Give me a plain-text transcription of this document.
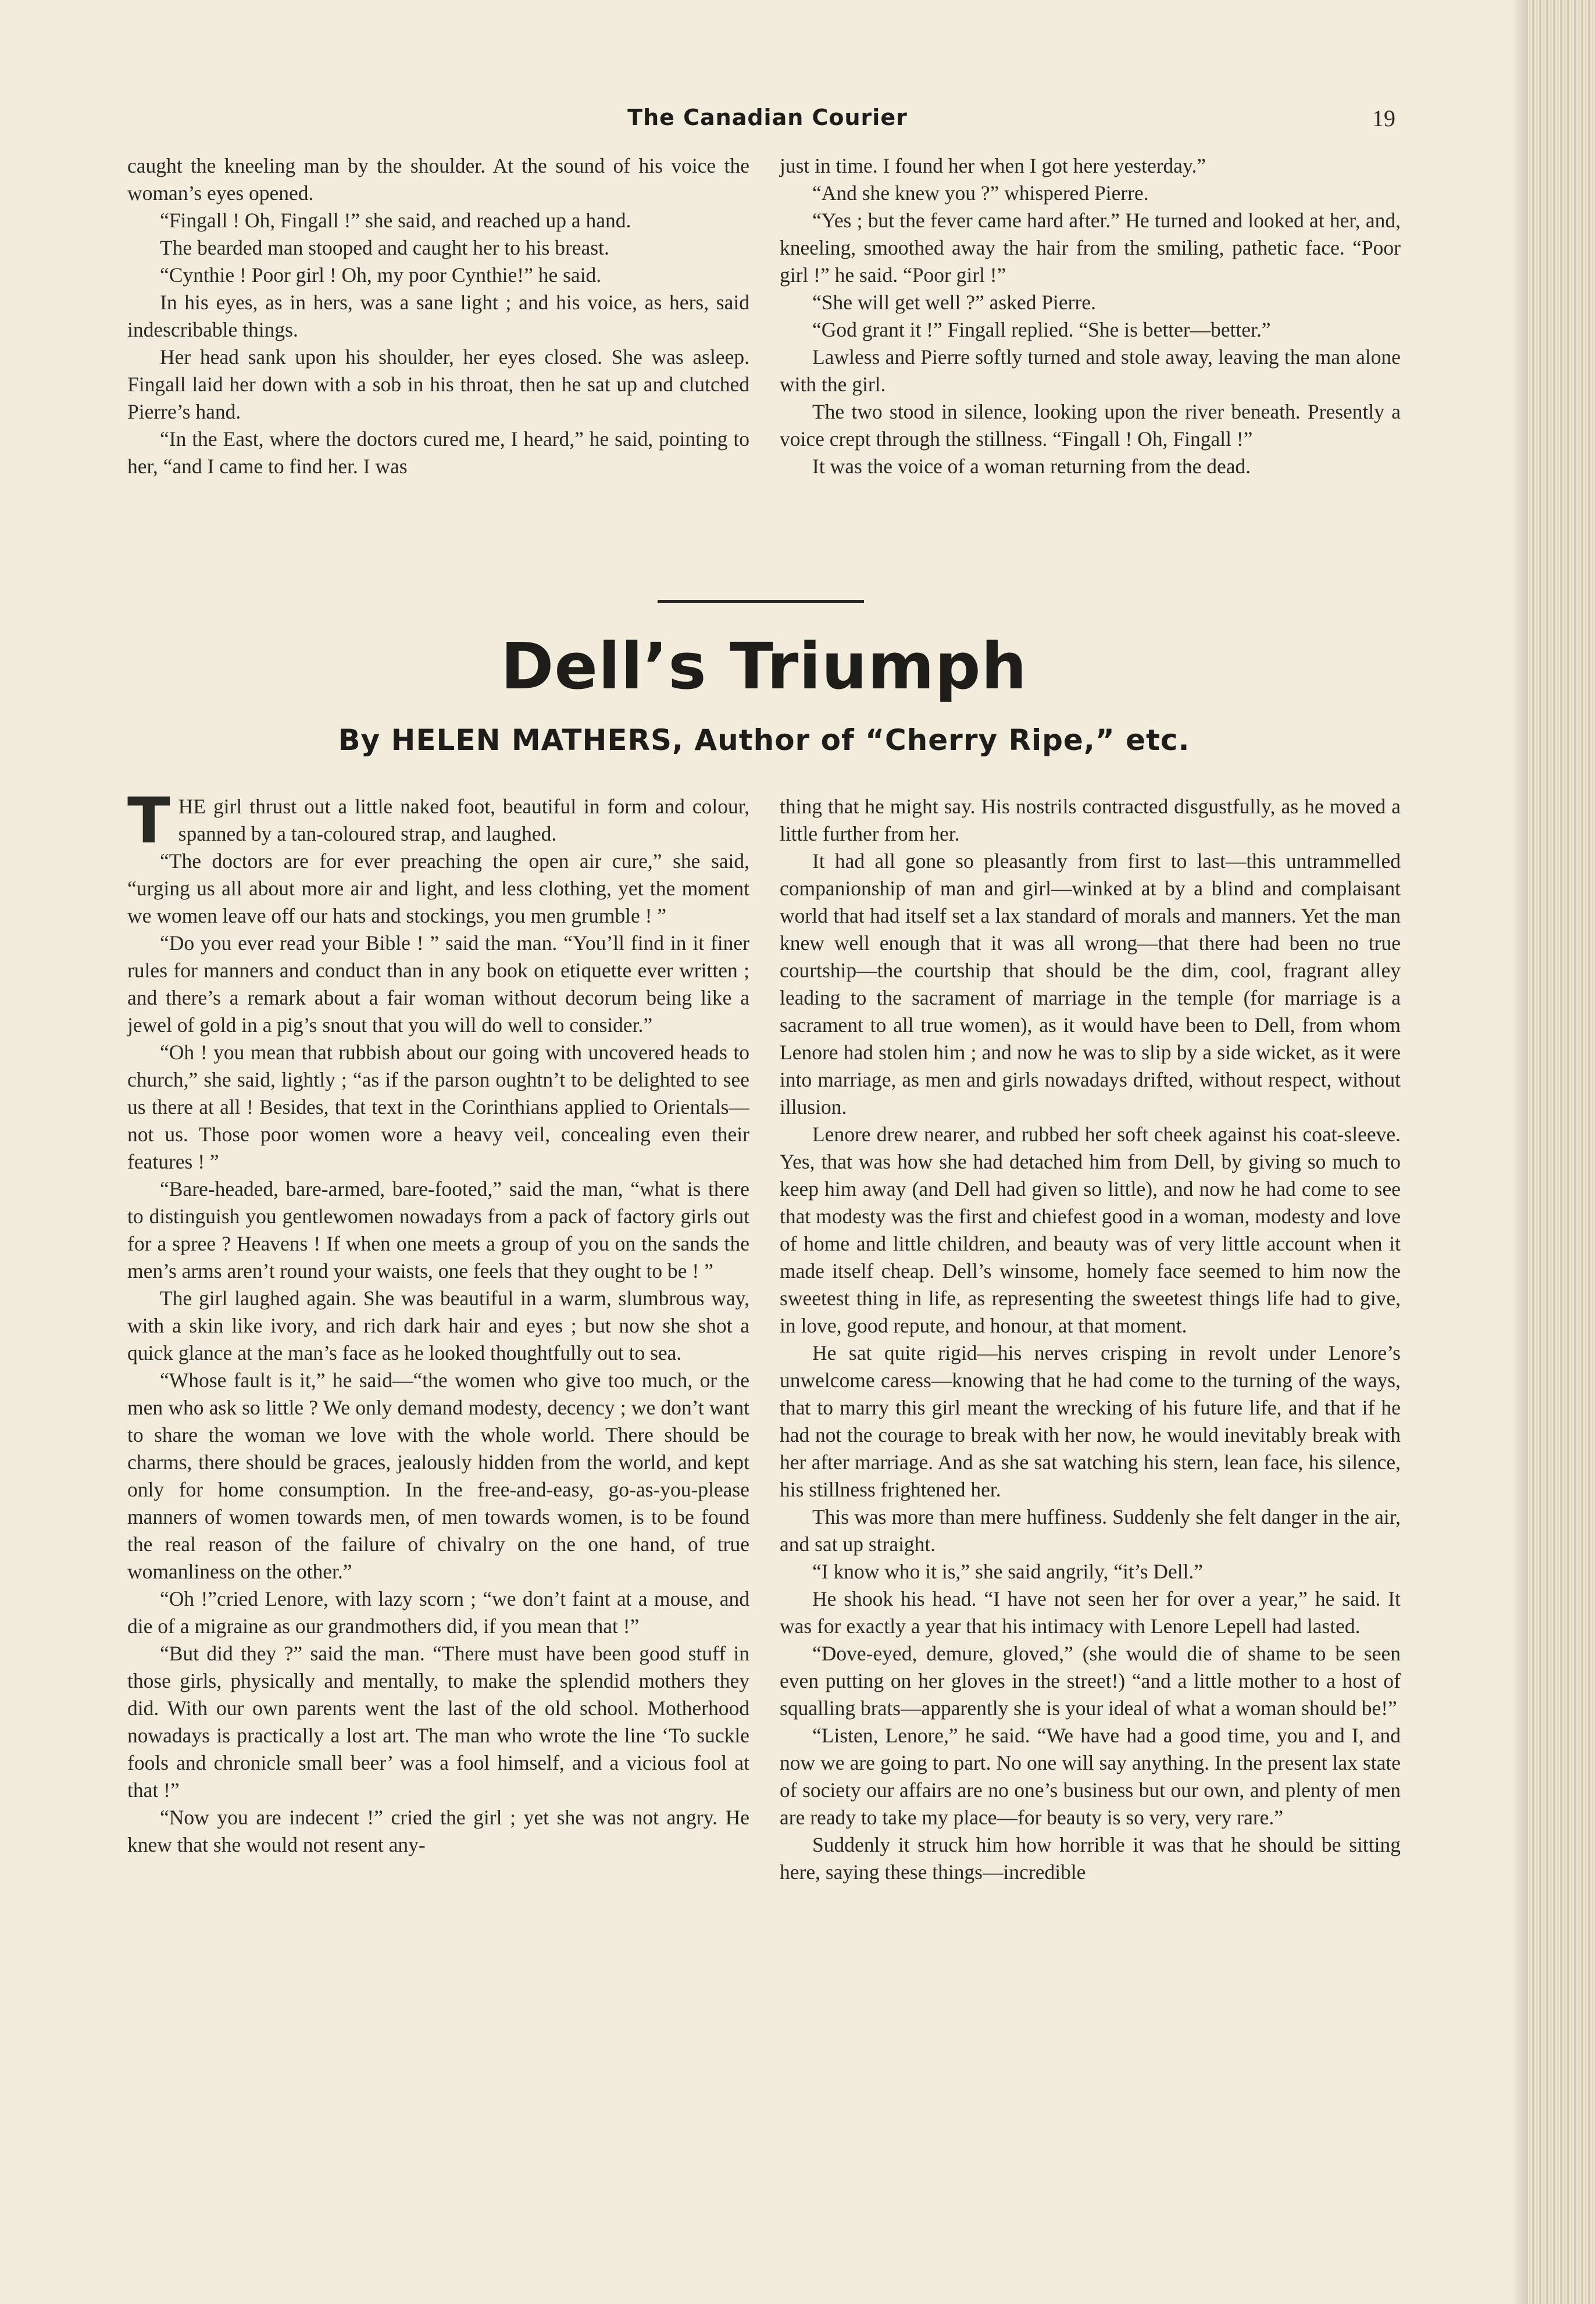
The Canadian Courier	19

caught the kneeling man by the shoulder. At the sound of his voice the woman’s eyes opened.

“Fingall ! Oh, Fingall !” she said, and reached up a hand.

The bearded man stooped and caught her to his breast.

“Cynthie ! Poor girl ! Oh, my poor Cynthie!” he said.

In his eyes, as in hers, was a sane light ; and his voice, as hers, said indescribable things.

Her head sank upon his shoulder, her eyes closed. She was asleep. Fingall laid her down with a sob in his throat, then he sat up and clutched Pierre’s hand.

“In the East, where the doctors cured me, I heard,” he said, pointing to her, “and I came to find her. I was

just in time. I found her when I got here yesterday.”

“And she knew you ?” whispered Pierre.

“Yes ; but the fever came hard after.” He turned and looked at her, and, kneeling, smoothed away the hair from the smiling, pathetic face. “Poor girl !” he said. “Poor girl !”

“She will get well ?” asked Pierre.

“God grant it !” Fingall replied. “She is better—better.”

Lawless and Pierre softly turned and stole away, leaving the man alone with the girl.

The two stood in silence, looking upon the river beneath. Presently a voice crept through the stillness. “Fingall ! Oh, Fingall !”

It was the voice of a woman returning from the dead.

Dell’s Triumph
By HELEN MATHERS, Author of “Cherry Ripe,” etc.

THE girl thrust out a little naked foot, beautiful in form and colour, spanned by a tan-coloured strap, and laughed.

“The doctors are for ever preaching the open air cure,” she said, “urging us all about more air and light, and less clothing, yet the moment we women leave off our hats and stockings, you men grumble ! ”

“Do you ever read your Bible ! ” said the man. “You’ll find in it finer rules for manners and conduct than in any book on etiquette ever written ; and there’s a remark about a fair woman without decorum being like a jewel of gold in a pig’s snout that you will do well to consider.”

“Oh ! you mean that rubbish about our going with uncovered heads to church,” she said, lightly ; “as if the parson oughtn’t to be delighted to see us there at all ! Besides, that text in the Corinthians applied to Orientals—not us. Those poor women wore a heavy veil, concealing even their features ! ”

“Bare-headed, bare-armed, bare-footed,” said the man, “what is there to distinguish you gentlewomen nowadays from a pack of factory girls out for a spree ? Heavens ! If when one meets a group of you on the sands the men’s arms aren’t round your waists, one feels that they ought to be ! ”

The girl laughed again. She was beautiful in a warm, slumbrous way, with a skin like ivory, and rich dark hair and eyes ; but now she shot a quick glance at the man’s face as he looked thoughtfully out to sea.

“Whose fault is it,” he said—“the women who give too much, or the men who ask so little ? We only demand modesty, decency ; we don’t want to share the woman we love with the whole world. There should be charms, there should be graces, jealously hidden from the world, and kept only for home consumption. In the free-and-easy, go-as-you-please manners of women towards men, of men towards women, is to be found the real reason of the failure of chivalry on the one hand, of true womanliness on the other.”

“Oh !”cried Lenore, with lazy scorn ; “we don’t faint at a mouse, and die of a migraine as our grandmothers did, if you mean that !”

“But did they ?” said the man. “There must have been good stuff in those girls, physically and mentally, to make the splendid mothers they did. With our own parents went the last of the old school. Motherhood nowadays is practically a lost art. The man who wrote the line ‘To suckle fools and chronicle small beer’ was a fool himself, and a vicious fool at that !”

“Now you are indecent !” cried the girl ; yet she was not angry. He knew that she would not resent any-

thing that he might say. His nostrils contracted disgustfully, as he moved a little further from her.

It had all gone so pleasantly from first to last—this untrammelled companionship of man and girl—winked at by a blind and complaisant world that had itself set a lax standard of morals and manners. Yet the man knew well enough that it was all wrong—that there had been no true courtship—the courtship that should be the dim, cool, fragrant alley leading to the sacrament of marriage in the temple (for marriage is a sacrament to all true women), as it would have been to Dell, from whom Lenore had stolen him ; and now he was to slip by a side wicket, as it were into marriage, as men and girls nowadays drifted, without respect, without illusion.

Lenore drew nearer, and rubbed her soft cheek against his coat-sleeve. Yes, that was how she had detached him from Dell, by giving so much to keep him away (and Dell had given so little), and now he had come to see that modesty was the first and chiefest good in a woman, modesty and love of home and little children, and beauty was of very little account when it made itself cheap. Dell’s winsome, homely face seemed to him now the sweetest thing in life, as representing the sweetest things life had to give, in love, good repute, and honour, at that moment.

He sat quite rigid—his nerves crisping in revolt under Lenore’s unwelcome caress—knowing that he had come to the turning of the ways, that to marry this girl meant the wrecking of his future life, and that if he had not the courage to break with her now, he would inevitably break with her after marriage. And as she sat watching his stern, lean face, his silence, his stillness frightened her.

This was more than mere huffiness. Suddenly she felt danger in the air, and sat up straight.

“I know who it is,” she said angrily, “it’s Dell.”

He shook his head. “I have not seen her for over a year,” he said. It was for exactly a year that his intimacy with Lenore Lepell had lasted.

“Dove-eyed, demure, gloved,” (she would die of shame to be seen even putting on her gloves in the street!) “and a little mother to a host of squalling brats—apparently she is your ideal of what a woman should be!”

“Listen, Lenore,” he said. “We have had a good time, you and I, and now we are going to part. No one will say anything. In the present lax state of society our affairs are no one’s business but our own, and plenty of men are ready to take my place—for beauty is so very, very rare.”

Suddenly it struck him how horrible it was that he should be sitting here, saying these things—incredible
